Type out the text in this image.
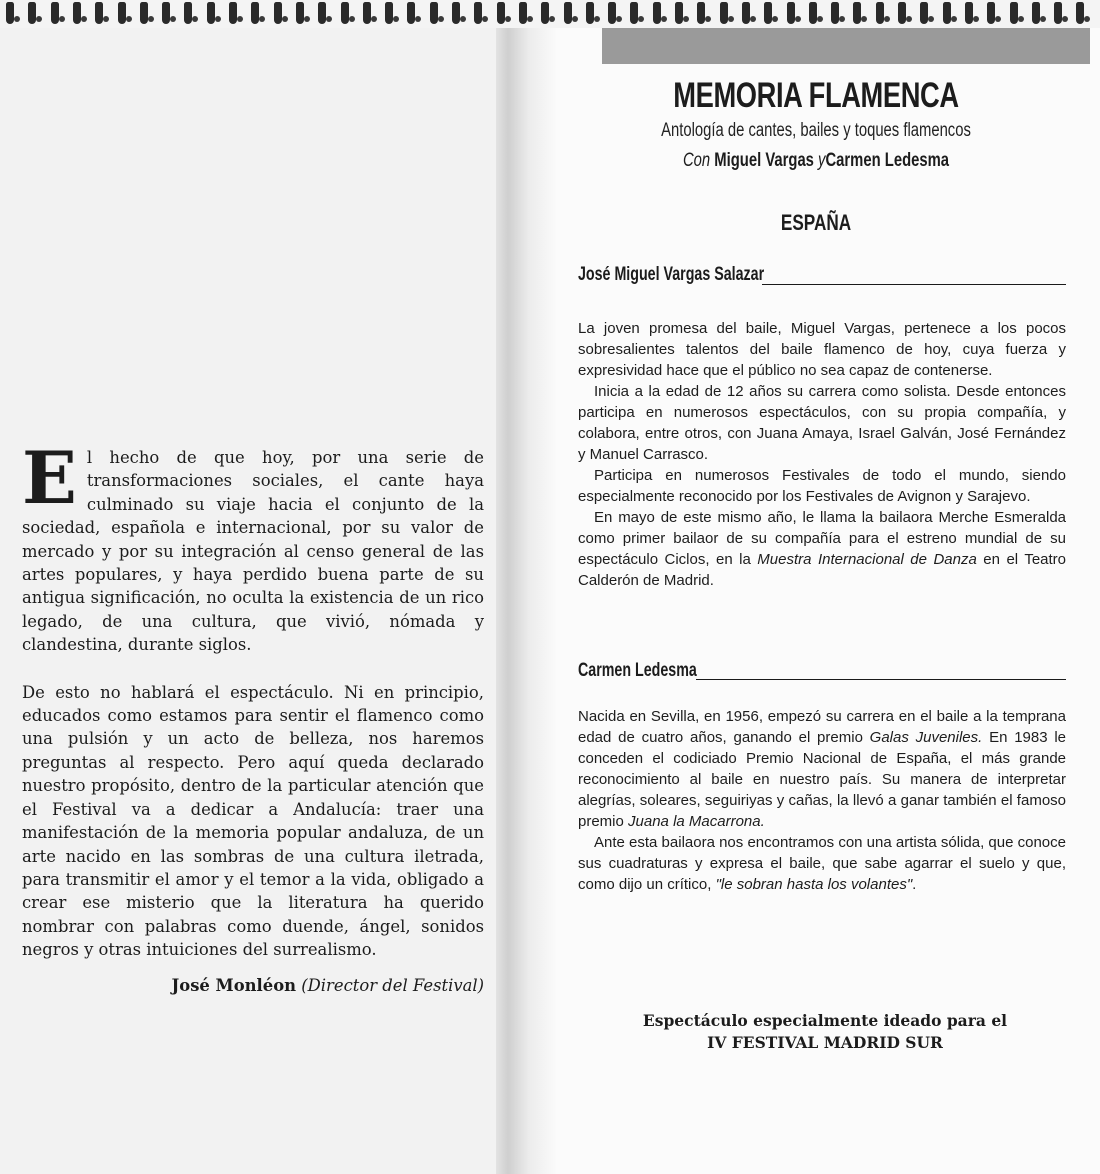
El hecho de que hoy, por una serie de transformaciones sociales, el cante haya culminado su viaje hacia el conjunto de la sociedad, española e internacional, por su valor de mercado y por su integración al censo general de las artes populares, y haya perdido buena parte de su antigua significación, no oculta la existencia de un rico legado, de una cultura, que vivió, nómada y clandestina, durante siglos.

De esto no hablará el espectáculo. Ni en principio, educados como estamos para sentir el flamenco como una pulsión y un acto de belleza, nos haremos preguntas al respecto. Pero aquí queda declarado nuestro propósito, dentro de la particular atención que el Festival va a dedicar a Andalucía: traer una manifestación de la memoria popular andaluza, de un arte nacido en las sombras de una cultura iletrada, para transmitir el amor y el temor a la vida, obligado a crear ese misterio que la literatura ha querido nombrar con palabras como duende, ángel, sonidos negros y otras intuiciones del surrealismo.

José Monléon (Director del Festival)
MEMORIA FLAMENCA
Antología de cantes, bailes y toques flamencos
Con Miguel Vargas yCarmen Ledesma
ESPAÑA
José Miguel Vargas Salazar

La joven promesa del baile, Miguel Vargas, pertenece a los pocos sobresalientes talentos del baile flamenco de hoy, cuya fuerza y expresividad hace que el público no sea capaz de contenerse.

Inicia a la edad de 12 años su carrera como solista. Desde entonces participa en numerosos espectáculos, con su propia compañía, y colabora, entre otros, con Juana Amaya, Israel Galván, José Fernández y Manuel Carrasco.

Participa en numerosos Festivales de todo el mundo, siendo especialmente reconocido por los Festivales de Avignon y Sarajevo.

En mayo de este mismo año, le llama la bailaora Merche Esmeralda como primer bailaor de su compañía para el estreno mundial de su espectáculo Ciclos, en la Muestra Internacional de Danza en el Teatro Calderón de Madrid.

Carmen Ledesma

Nacida en Sevilla, en 1956, empezó su carrera en el baile a la temprana edad de cuatro años, ganando el premio Galas Juveniles. En 1983 le conceden el codiciado Premio Nacional de España, el más grande reconocimiento al baile en nuestro país. Su manera de interpretar alegrías, soleares, seguiriyas y cañas, la llevó a ganar también el famoso premio Juana la Macarrona.

Ante esta bailaora nos encontramos con una artista sólida, que conoce sus cuadraturas y expresa el baile, que sabe agarrar el suelo y que, como dijo un crítico, "le sobran hasta los volantes".

Espectáculo especialmente ideado para el
IV FESTIVAL MADRID SUR
